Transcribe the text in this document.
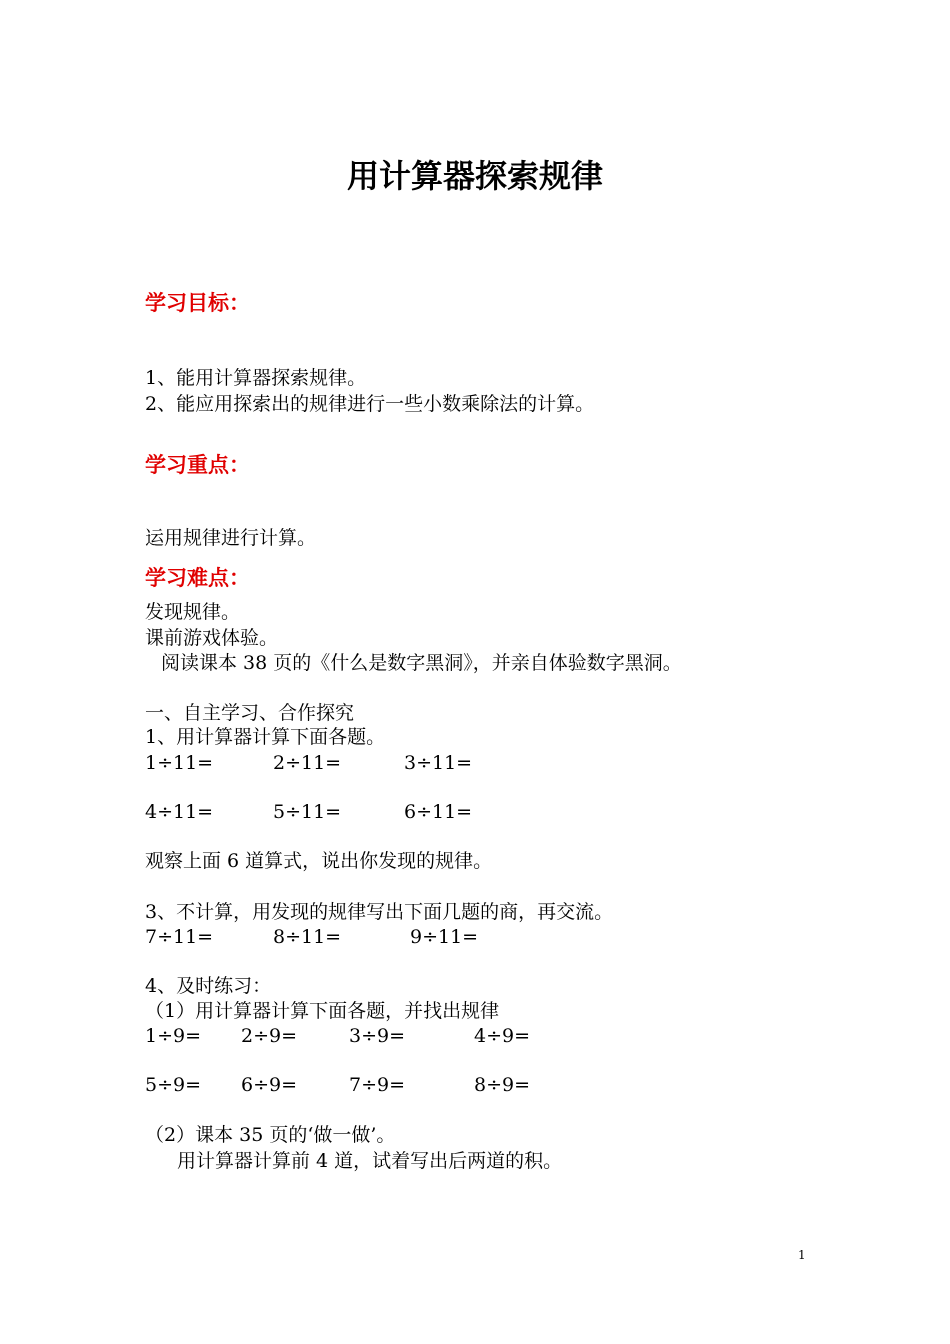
用计算器探索规律
学习目标：
1、能用计算器探索规律。
2、能应用探索出的规律进行一些小数乘除法的计算。
学习重点：
运用规律进行计算。
学习难点：
发现规律。
课前游戏体验。
阅读课本 38 页的《什么是数字黑洞》，并亲自体验数字黑洞。
一、自主学习、合作探究
1、用计算器计算下面各题。
1÷11=	2÷11=	3÷11=
4÷11=	5÷11=	6÷11=
观察上面 6 道算式，说出你发现的规律。
3、不计算，用发现的规律写出下面几题的商，再交流。
7÷11=	8÷11=	9÷11=
4、及时练习：
（1）用计算器计算下面各题，并找出规律
1÷9= 2÷9=	3÷9=	4÷9=
5÷9= 6÷9=	7÷9=	8÷9=
（2）课本 35 页的‘做一做’。
用计算器计算前 4 道，试着写出后两道的积。
1
